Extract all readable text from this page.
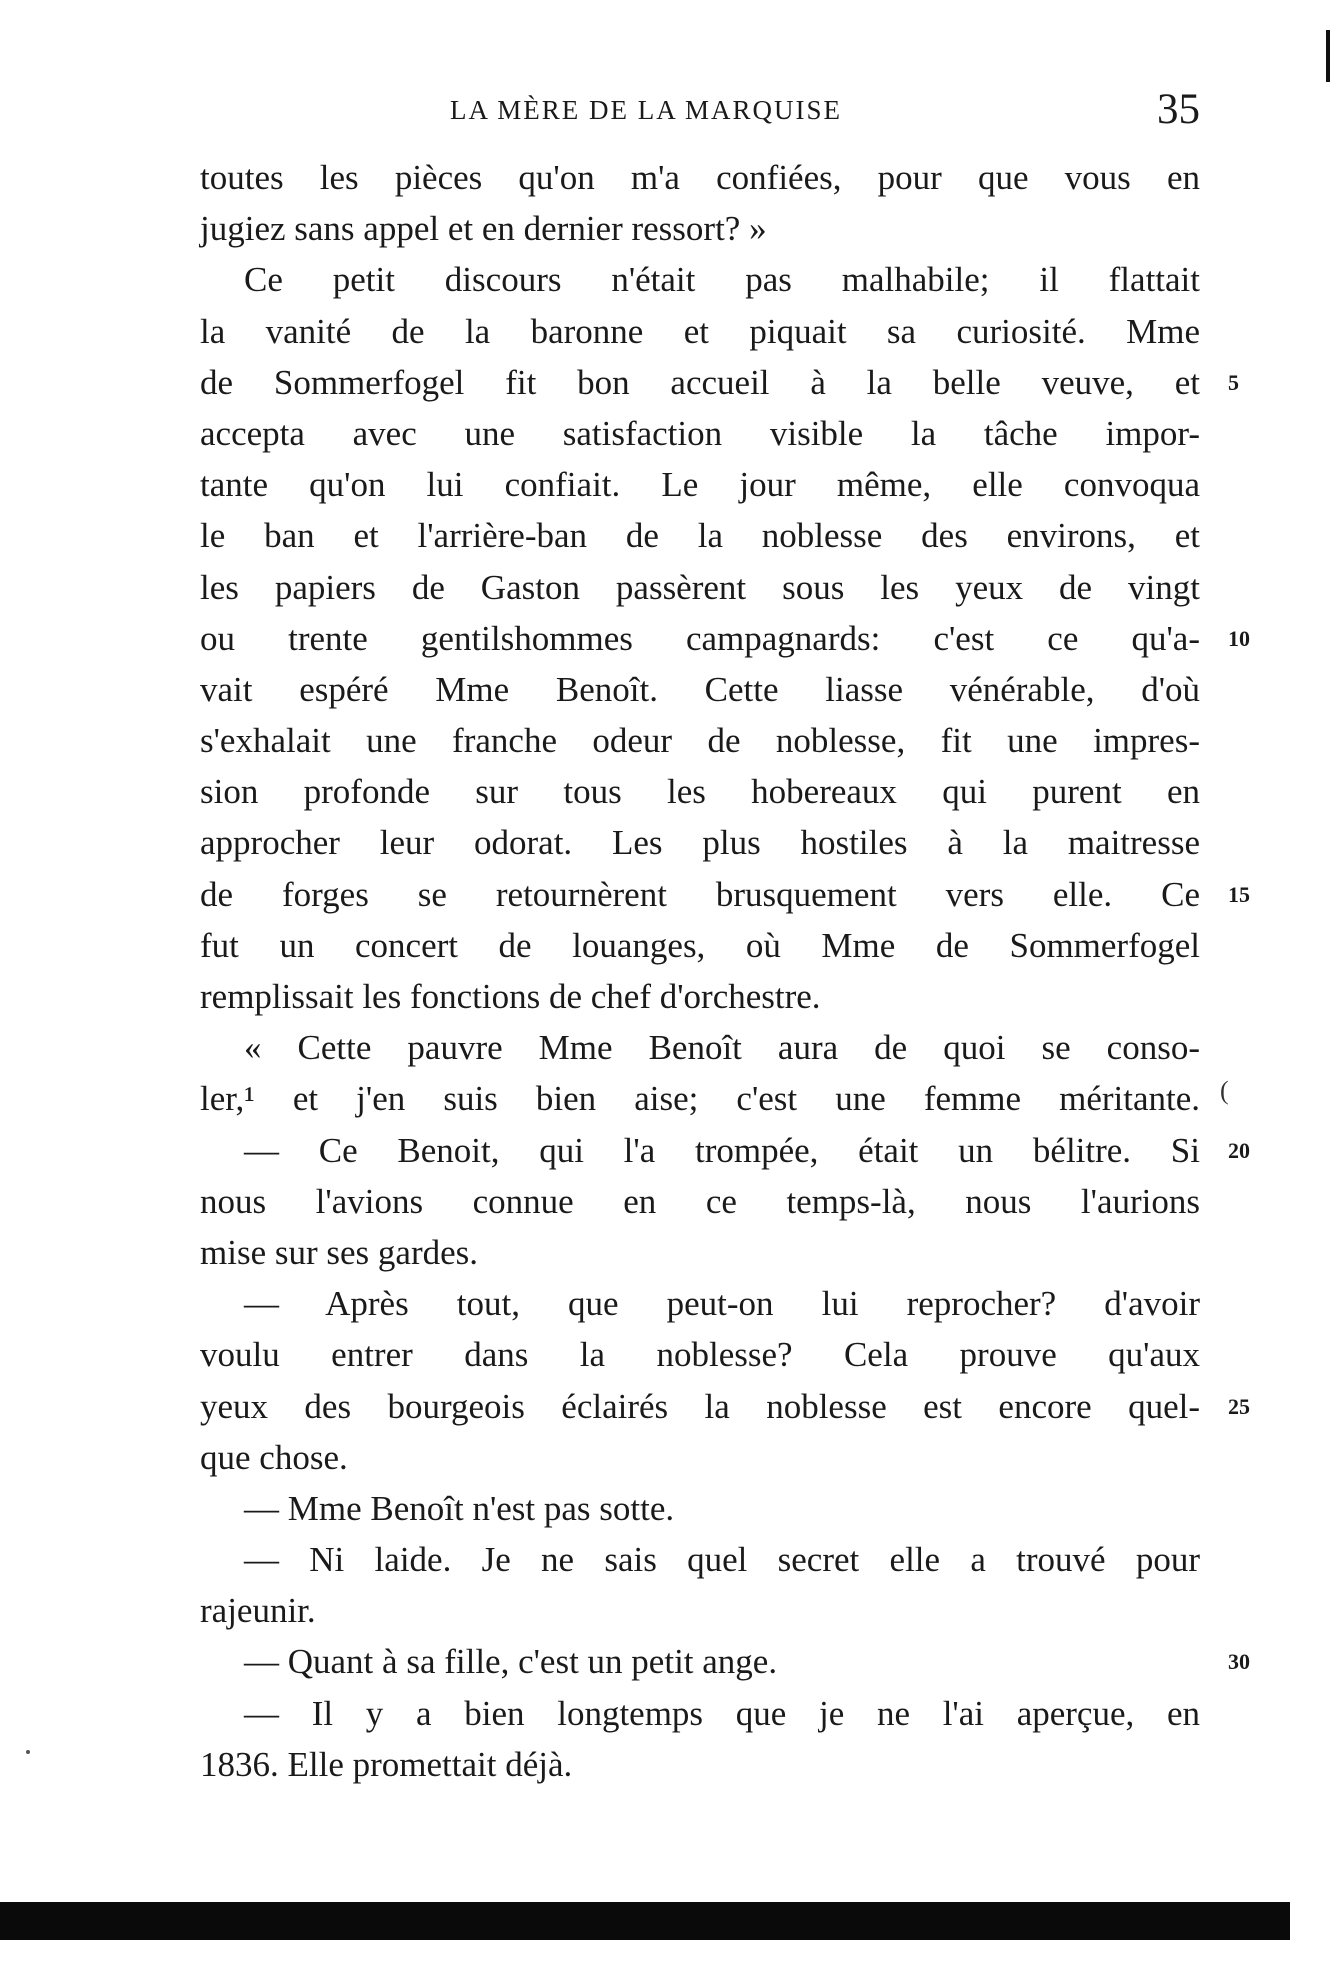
LA MÈRE DE LA MARQUISE	35
toutes les pièces qu'on m'a confiées, pour que vous en
jugiez sans appel et en dernier ressort? »
Ce petit discours n'était pas malhabile; il flattait
la vanité de la baronne et piquait sa curiosité. Mme
de Sommerfogel fit bon accueil à la belle veuve, et 5
accepta avec une satisfaction visible la tâche impor-
tante qu'on lui confiait. Le jour même, elle convoqua
le ban et l'arrière-ban de la noblesse des environs, et
les papiers de Gaston passèrent sous les yeux de vingt
ou trente gentilshommes campagnards: c'est ce qu'a- 10
vait espéré Mme Benoît. Cette liasse vénérable, d'où
s'exhalait une franche odeur de noblesse, fit une impres-
sion profonde sur tous les hobereaux qui purent en
approcher leur odorat. Les plus hostiles à la maitresse
de forges se retournèrent brusquement vers elle. Ce 15
fut un concert de louanges, où Mme de Sommerfogel
remplissait les fonctions de chef d'orchestre.
« Cette pauvre Mme Benoît aura de quoi se conso-
ler,¹ et j'en suis bien aise; c'est une femme méritante. (
— Ce Benoit, qui l'a trompée, était un bélitre. Si 20
nous l'avions connue en ce temps-là, nous l'aurions
mise sur ses gardes.
— Après tout, que peut-on lui reprocher? d'avoir
voulu entrer dans la noblesse? Cela prouve qu'aux
yeux des bourgeois éclairés la noblesse est encore quel- 25
que chose.
— Mme Benoît n'est pas sotte.
— Ni laide. Je ne sais quel secret elle a trouvé pour
rajeunir.
— Quant à sa fille, c'est un petit ange.	30
— Il y a bien longtemps que je ne l'ai aperçue, en
1836. Elle promettait déjà.
